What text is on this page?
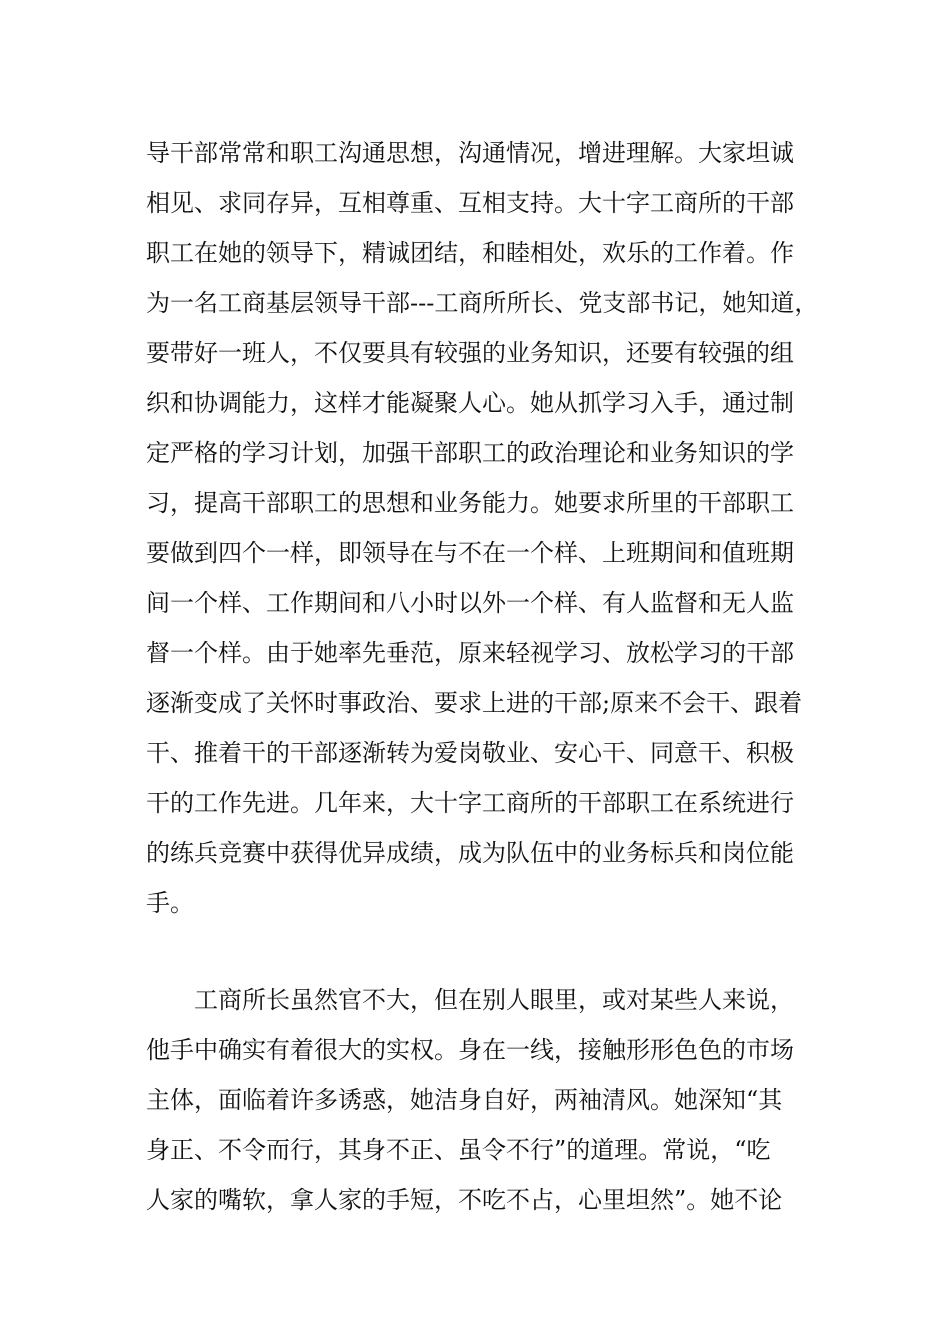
导干部常常和职工沟通思想，沟通情况，增进理解。大家坦诚
相见、求同存异，互相尊重、互相支持。大十字工商所的干部
职工在她的领导下，精诚团结，和睦相处，欢乐的工作着。作
为一名工商基层领导干部---工商所所长、党支部书记，她知道，
要带好一班人，不仅要具有较强的业务知识，还要有较强的组
织和协调能力，这样才能凝聚人心。她从抓学习入手，通过制
定严格的学习计划，加强干部职工的政治理论和业务知识的学
习，提高干部职工的思想和业务能力。她要求所里的干部职工
要做到四个一样，即领导在与不在一个样、上班期间和值班期
间一个样、工作期间和八小时以外一个样、有人监督和无人监
督一个样。由于她率先垂范，原来轻视学习、放松学习的干部
逐渐变成了关怀时事政治、要求上进的干部;原来不会干、跟着
干、推着干的干部逐渐转为爱岗敬业、安心干、同意干、积极
干的工作先进。几年来，大十字工商所的干部职工在系统进行
的练兵竞赛中获得优异成绩，成为队伍中的业务标兵和岗位能
手。
工商所长虽然官不大，但在别人眼里，或对某些人来说，
他手中确实有着很大的实权。身在一线，接触形形色色的市场
主体，面临着许多诱惑，她洁身自好，两袖清风。她深知“其
身正、不令而行，其身不正、虽令不行”的道理。常说，“吃
人家的嘴软，拿人家的手短，不吃不占，心里坦然”。她不论
